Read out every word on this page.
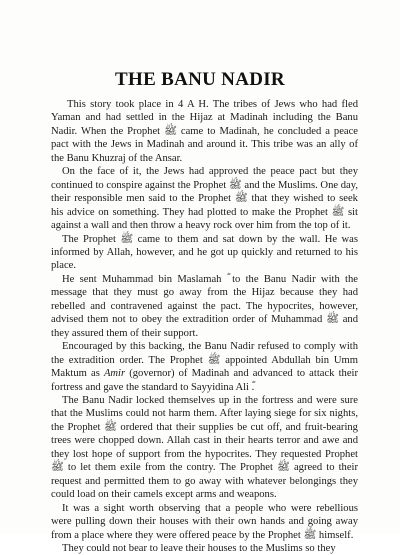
THE BANU NADIR

This story took place in 4 A H. The tribes of Jews who had fled Yaman and had settled in the Hijaz at Madinah including the Banu Nadir. When the Prophet ﷺ came to Madinah, he concluded a peace pact with the Jews in Madinah and around it. This tribe was an ally of the Banu Khuzraj of the Ansar.

On the face of it, the Jews had approved the peace pact but they continued to conspire against the Prophet ﷺ and the Muslims. One day, their responsible men said to the Prophet ﷺ that they wished to seek his advice on something. They had plotted to make the Prophet ﷺ sit against a wall and then throw a heavy rock over him from the top of it.

The Prophet ﷺ came to them and sat down by the wall. He was informed by Allah, however, and he got up quickly and returned to his place.

He sent Muhammad bin Maslamah ؓ to the Banu Nadir with the message that they must go away from the Hijaz because they had rebelled and contravened against the pact. The hypocrites, however, advised them not to obey the extradition order of Muhammad ﷺ and they assured them of their support.

Encouraged by this backing, the Banu Nadir refused to comply with the extradition order. The Prophet ﷺ appointed Abdullah bin Umm Maktum as Amir (governor) of Madinah and advanced to attack their fortress and gave the standard to Sayyidina Ali ؓ.

The Banu Nadir locked themselves up in the fortress and were sure that the Muslims could not harm them. After laying siege for six nights, the Prophet ﷺ ordered that their supplies be cut off, and fruit-bearing trees were chopped down. Allah cast in their hearts terror and awe and they lost hope of support from the hypocrites. They requested Prophet ﷺ to let them exile from the contry. The Prophet ﷺ agreed to their request and permitted them to go away with whatever belongings they could load on their camels except arms and weapons.

It was a sight worth observing that a people who were rebellious were pulling down their houses with their own hands and going away from a place where they were offered peace by the Prophet ﷺ himself.

They could not bear to leave their houses to the Muslims so they
